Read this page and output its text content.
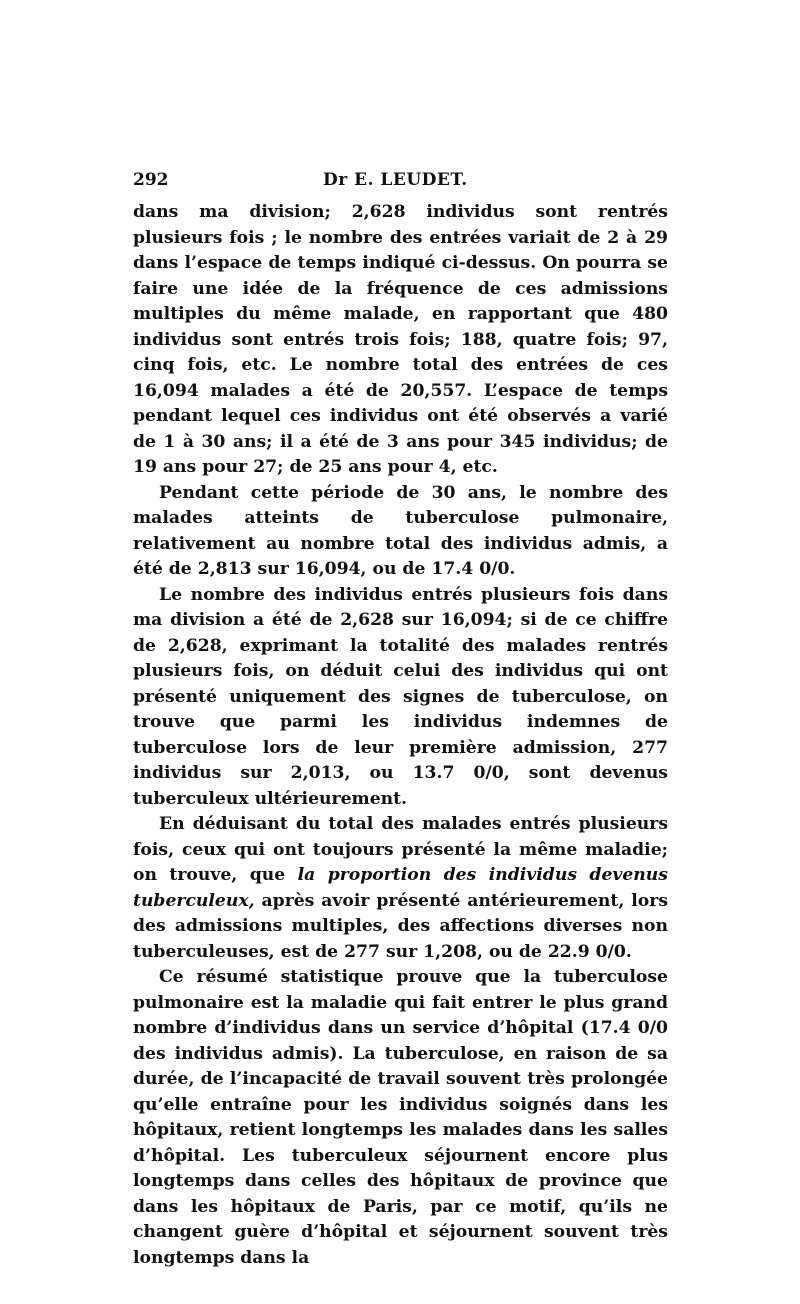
292	Dr E. LEUDET.

dans ma division; 2,628 individus sont rentrés plusieurs fois ; le nombre des entrées variait de 2 à 29 dans l’espace de temps indiqué ci-dessus. On pourra se faire une idée de la fréquence de ces admissions multiples du même malade, en rapportant que 480 individus sont entrés trois fois; 188, quatre fois; 97, cinq fois, etc. Le nombre total des entrées de ces 16,094 malades a été de 20,557. L’espace de temps pendant lequel ces individus ont été observés a varié de 1 à 30 ans; il a été de 3 ans pour 345 individus; de 19 ans pour 27; de 25 ans pour 4, etc.

Pendant cette période de 30 ans, le nombre des malades atteints de tuberculose pulmonaire, relativement au nombre total des individus admis, a été de 2,813 sur 16,094, ou de 17.4 0/0.

Le nombre des individus entrés plusieurs fois dans ma division a été de 2,628 sur 16,094; si de ce chiffre de 2,628, exprimant la totalité des malades rentrés plusieurs fois, on déduit celui des individus qui ont présenté uniquement des signes de tuberculose, on trouve que parmi les individus indemnes de tuberculose lors de leur première admission, 277 individus sur 2,013, ou 13.7 0/0, sont devenus tuberculeux ultérieurement.

En déduisant du total des malades entrés plusieurs fois, ceux qui ont toujours présenté la même maladie; on trouve, que la proportion des individus devenus tuberculeux, après avoir présenté antérieurement, lors des admissions multiples, des affections diverses non tuberculeuses, est de 277 sur 1,208, ou de 22.9 0/0.

Ce résumé statistique prouve que la tuberculose pulmonaire est la maladie qui fait entrer le plus grand nombre d’individus dans un service d’hôpital (17.4 0/0 des individus admis). La tuberculose, en raison de sa durée, de l’incapacité de travail souvent très prolongée qu’elle entraîne pour les individus soignés dans les hôpitaux, retient longtemps les malades dans les salles d’hôpital. Les tuberculeux séjournent encore plus longtemps dans celles des hôpitaux de province que dans les hôpitaux de Paris, par ce motif, qu’ils ne changent guère d’hôpital et séjournent souvent très longtemps dans la
